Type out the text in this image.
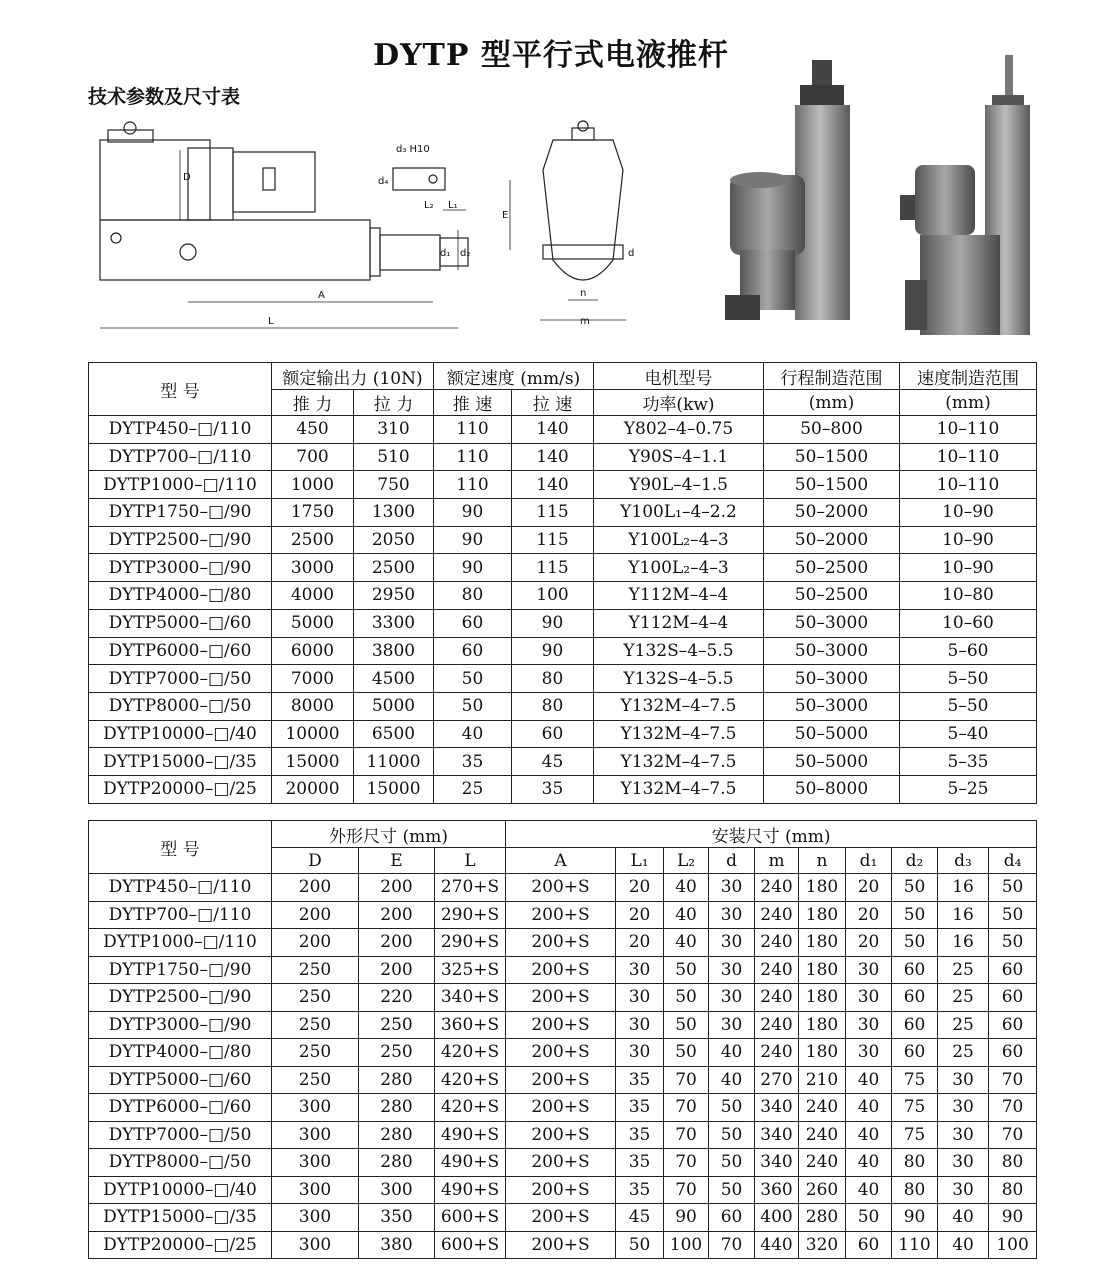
DYTP 型平行式电液推杆
技术参数及尺寸表
D
A
L
E
m
n
d₃ H10
d₄
L₁
L₂
d₁ d₂	d
型 号	额定输出力 (10N)		额定速度 (mm/s)		电机型号	行程制造范围	速度制造范围
	推 力	拉 力	推 速	拉 速	功率(kw)	(mm)	(mm)
DYTP450–□/110	450	310	110	140	Y802–4–0.75	50–800	10–110
DYTP700–□/110	700	510	110	140	Y90S–4–1.1	50–1500	10–110
DYTP1000–□/110	1000	750	110	140	Y90L–4–1.5	50–1500	10–110
DYTP1750–□/90	1750	1300	90	115	Y100L₁–4–2.2	50–2000	10–90
DYTP2500–□/90	2500	2050	90	115	Y100L₂–4–3	50–2000	10–90
DYTP3000–□/90	3000	2500	90	115	Y100L₂–4–3	50–2500	10–90
DYTP4000–□/80	4000	2950	80	100	Y112M–4–4	50–2500	10–80
DYTP5000–□/60	5000	3300	60	90	Y112M–4–4	50–3000	10–60
DYTP6000–□/60	6000	3800	60	90	Y132S–4–5.5	50–3000	5–60
DYTP7000–□/50	7000	4500	50	80	Y132S–4–5.5	50–3000	5–50
DYTP8000–□/50	8000	5000	50	80	Y132M–4–7.5	50–3000	5–50
DYTP10000–□/40	10000	6500	40	60	Y132M–4–7.5	50–5000	5–40
DYTP15000–□/35	15000	11000	35	45	Y132M–4–7.5	50–5000	5–35
DYTP20000–□/25	20000	15000	25	35	Y132M–4–7.5	50–8000	5–25
型 号	外形尺寸 (mm)			安装尺寸 (mm)									
	D	E	L	A	L₁	L₂	d	m	n	d₁	d₂	d₃	d₄
DYTP450–□/110	200	200	270+S	200+S	20	40	30	240	180	20	50	16	50
DYTP700–□/110	200	200	290+S	200+S	20	40	30	240	180	20	50	16	50
DYTP1000–□/110	200	200	290+S	200+S	20	40	30	240	180	20	50	16	50
DYTP1750–□/90	250	200	325+S	200+S	30	50	30	240	180	30	60	25	60
DYTP2500–□/90	250	220	340+S	200+S	30	50	30	240	180	30	60	25	60
DYTP3000–□/90	250	250	360+S	200+S	30	50	30	240	180	30	60	25	60
DYTP4000–□/80	250	250	420+S	200+S	30	50	40	240	180	30	60	25	60
DYTP5000–□/60	250	280	420+S	200+S	35	70	40	270	210	40	75	30	70
DYTP6000–□/60	300	280	420+S	200+S	35	70	50	340	240	40	75	30	70
DYTP7000–□/50	300	280	490+S	200+S	35	70	50	340	240	40	75	30	70
DYTP8000–□/50	300	280	490+S	200+S	35	70	50	340	240	40	80	30	80
DYTP10000–□/40	300	300	490+S	200+S	35	70	50	360	260	40	80	30	80
DYTP15000–□/35	300	350	600+S	200+S	45	90	60	400	280	50	90	40	90
DYTP20000–□/25	300	380	600+S	200+S	50	100	70	440	320	60	110	40	100
